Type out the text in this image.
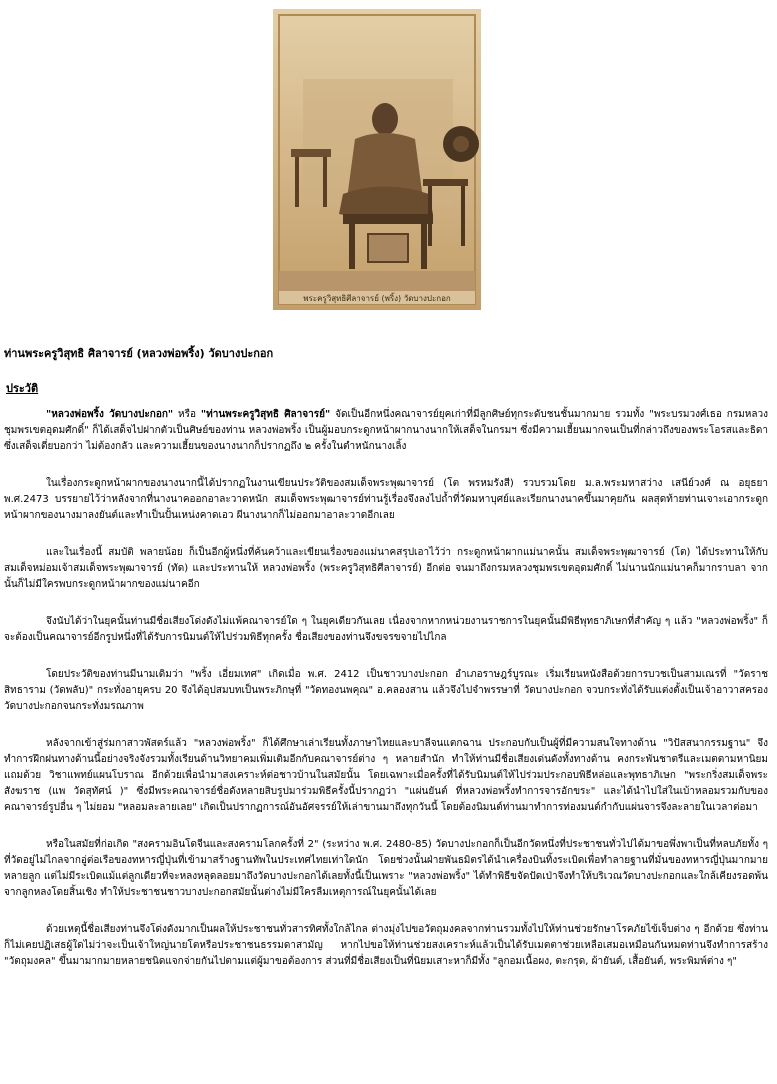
พระครูวิสุทธิศีลาจารย์ (พริ้ง) วัดบางปะกอก
ท่านพระครูวิสุทธิ ศิลาจารย์ (หลวงพ่อพริ้ง) วัดบางปะกอก
ประวัติ

"หลวงพ่อพริ้ง วัดบางปะกอก" หรือ "ท่านพระครูวิสุทธิ ศิลาจารย์" จัดเป็นอีกหนึ่งคณาจารย์ยุคเก่าที่มีลูกศิษย์ทุกระดับชนชั้นมากมาย รวมทั้ง "พระบรมวงศ์เธอ กรมหลวงชุมพรเขตอุดมศักดิ์" ก็ได้เสด็จไปฝากตัวเป็นศิษย์ของท่าน หลวงพ่อพริ้ง เป็นผู้มอบกระดูกหน้าผากนางนากให้เสด็จในกรมฯ ซึ่งมีความเฮี้ยนมากจนเป็นที่กล่าวถึงของพระโอรสและธิดา ซึ่งเสด็จเตี่ยบอกว่า ไม่ต้องกลัว และความเฮี้ยนของนางนากก็ปรากฏถึง ๒ ครั้งในตำหนักนางเลิ้ง

ในเรื่องกระดูกหน้าผากของนางนากนี้ได้ปรากฏในงานเขียนประวัติของสมเด็จพระพุฒาจารย์ (โต พรหมรังสี) รวบรวมโดย ม.ล.พระมหาสว่าง เสนีย์วงศ์ ณ อยุธยา พ.ศ.2473 บรรยายไว้ว่าหลังจากที่นางนาคออกอาละวาดหนัก สมเด็จพระพุฒาจารย์ท่านรู้เรื่องจึงลงไปถ้ำที่วัดมหาบุศย์และเรียกนางนาคขึ้นมาคุยกัน ผลสุดท้ายท่านเจาะเอากระดูกหน้าผากของนางมาลงยันต์และทำเป็นปั้นเหน่งคาดเอว ผีนางนากก็ไม่ออกมาอาละวาดอีกเลย

และในเรื่องนี้ สมบัติ พลายน้อย ก็เป็นอีกผู้หนึ่งที่ค้นคว้าและเขียนเรื่องของแม่นาคสรุปเอาไว้ว่า กระดูกหน้าผากแม่นาคนั้น สมเด็จพระพุฒาจารย์ (โต) ได้ประทานให้กับ สมเด็จหม่อมเจ้าสมเด็จพระพุฒาจารย์ (ทัด) และประทานให้ หลวงพ่อพริ้ง (พระครูวิสุทธิศีลาจารย์) อีกต่อ จนมาถึงกรมหลวงชุมพรเขตอุดมศักดิ์ ไม่นานนักแม่นาคก็มากราบลา จากนั้นก็ไม่มีใครพบกระดูกหน้าผากของแม่นาคอีก

จึงนับได้ว่าในยุคนั้นท่านมีชื่อเสียงโด่งดังไม่แพ้คณาจารย์ใด ๆ ในยุคเดียวกันเลย เนื่องจากหากหน่วยงานราชการในยุคนั้นมีพิธีพุทธาภิเษกที่สำคัญ ๆ แล้ว "หลวงพ่อพริ้ง" ก็จะต้องเป็นคณาจารย์อีกรูปหนึ่งที่ได้รับการนิมนต์ให้ไปร่วมพิธีทุกครั้ง ชื่อเสียงของท่านจึงขจรขจายไปไกล

โดยประวัติของท่านมีนามเดิมว่า "พริ้ง เอี่ยมเทศ" เกิดเมื่อ พ.ศ. 2412 เป็นชาวบางปะกอก อำเภอราษฎร์บูรณะ เริ่มเรียนหนังสือด้วยการบวชเป็นสามเณรที่ "วัดราชสิทธาราม (วัดพลับ)" กระทั่งอายุครบ 20 จึงได้อุปสมบทเป็นพระภิกษุที่ "วัดทองนพคุณ" อ.คลองสาน แล้วจึงไปจำพรรษาที่ วัดบางปะกอก จวบกระทั่งได้รับแต่งตั้งเป็นเจ้าอาวาสครองวัดบางปะกอกจนกระทั่งมรณภาพ

หลังจากเข้าสู่ร่มกาสาวพัสตร์แล้ว "หลวงพ่อพริ้ง" ก็ได้ศึกษาเล่าเรียนทั้งภาษาไทยและบาลีจนแตกฉาน ประกอบกับเป็นผู้ที่มีความสนใจทางด้าน "วิปัสสนากรรมฐาน" จึงทำการฝึกฝนทางด้านนี้อย่างจริงจังรวมทั้งเรียนด้านวิทยาคมเพิ่มเติมอีกกับคณาจารย์ต่าง ๆ หลายสำนัก ทำให้ท่านมีชื่อเสียงเด่นดังทั้งทางด้าน คงกระพันชาตรีและเมตตามหานิยม แถมด้วย วิชาแพทย์แผนโบราณ อีกด้วยเพื่อนำมาสงเคราะห์ต่อชาวบ้านในสมัยนั้น โดยเฉพาะเมื่อครั้งที่ได้รับนิมนต์ให้ไปร่วมประกอบพิธีหล่อและพุทธาภิเษก "พระกริ่งสมเด็จพระสังฆราช (แพ วัดสุทัศน์ )" ซึ่งมีพระคณาจารย์ชื่อดังหลายสิบรูปมาร่วมพิธีครั้งนี้ปรากฏว่า "แผ่นยันต์ ที่หลวงพ่อพริ้งทำการจารอักขระ" และได้นำไปใส่ในเบ้าหลอมรวมกับของคณาจารย์รูปอื่น ๆ ไม่ยอม "หลอมละลายเลย" เกิดเป็นปรากฏการณ์อันอัศจรรย์ให้เล่าขานมาถึงทุกวันนี้ โดยต้องนิมนต์ท่านมาทำการท่องมนต์กำกับแผ่นจารจึงละลายในเวลาต่อมา

หรือในสมัยที่ก่อเกิด "สงครามอินโดจีนและสงครามโลกครั้งที่ 2" (ระหว่าง พ.ศ. 2480-85) วัดบางปะกอกก็เป็นอีกวัดหนึ่งที่ประชาชนทั่วไปได้มาขอพึ่งพาเป็นที่หลบภัยทั้ง ๆ ที่วัดอยู่ไม่ไกลจากอู่ต่อเรือของทหารญี่ปุ่นที่เข้ามาสร้างฐานทัพในประเทศไทยเท่าใดนัก โดยช่วงนั้นฝ่ายพันธมิตรได้นำเครื่องบินทิ้งระเบิดเพื่อทำลายฐานที่มั่นของทหารญี่ปุ่นมากมายหลายลูก แต่ไม่มีระเบิดแม้แต่ลูกเดียวที่จะหลงหลุดลอยมาถึงวัดบางปะกอกได้เลยทั้งนี้เป็นเพราะ "หลวงพ่อพริ้ง" ได้ทำพิธีขจัดปัดเป่าจึงทำให้บริเวณวัดบางปะกอกและใกล้เคียงรอดพ้นจากลูกหลงโดยสิ้นเชิง ทำให้ประชาชนชาวบางปะกอกสมัยนั้นต่างไม่มีใครลืมเหตุการณ์ในยุคนั้นได้เลย

ด้วยเหตุนี้ชื่อเสียงท่านจึงโด่งดังมากเป็นผลให้ประชาชนทั่วสารทิศทั้งใกล้ไกล ต่างมุ่งไปขอวัตถุมงคลจากท่านรวมทั้งไปให้ท่านช่วยรักษาโรคภัยไข้เจ็บต่าง ๆ อีกด้วย ซึ่งท่านก็ไม่เคยปฏิเสธผู้ใดไม่ว่าจะเป็นเจ้าใหญ่นายโตหรือประชาชนธรรมดาสามัญ หากไปขอให้ท่านช่วยสงเคราะห์แล้วเป็นได้รับเมตตาช่วยเหลือเสมอเหมือนกันหมดท่านจึงทำการสร้าง "วัตถุมงคล" ขึ้นมามากมายหลายชนิดแจกจ่ายกันไปตามแต่ผู้มาขอต้องการ ส่วนที่มีชื่อเสียงเป็นที่นิยมเสาะหาก็มีทั้ง "ลูกอมเนื้อผง, ตะกรุด, ผ้ายันต์, เสื้อยันต์, พระพิมพ์ต่าง ๆ"
